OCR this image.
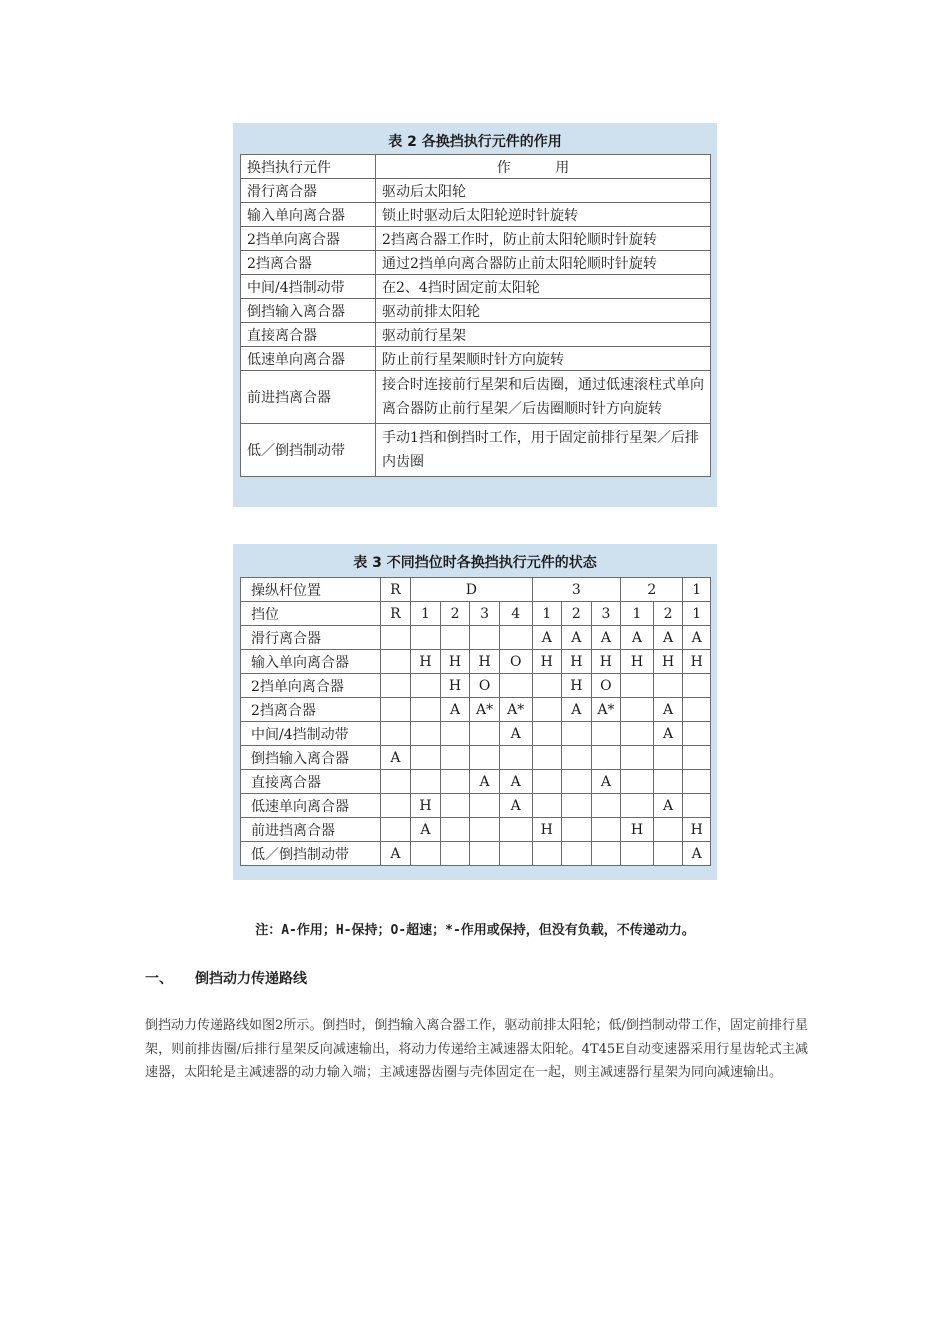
表 2 各换挡执行元件的作用
换挡执行元件	作 用
滑行离合器	驱动后太阳轮
输入单向离合器	锁止时驱动后太阳轮逆时针旋转
2挡单向离合器	2挡离合器工作时，防止前太阳轮顺时针旋转
2挡离合器	通过2挡单向离合器防止前太阳轮顺时针旋转
中间/4挡制动带	在2、4挡时固定前太阳轮
倒挡输入离合器	驱动前排太阳轮
直接离合器	驱动前行星架
低速单向离合器	防止前行星架顺时针方向旋转
前进挡离合器	接合时连接前行星架和后齿圈，通过低速滚柱式单向离合器防止前行星架／后齿圈顺时针方向旋转
低／倒挡制动带	手动1挡和倒挡时工作，用于固定前排行星架／后排内齿圈
表 3 不同挡位时各换挡执行元件的状态
操纵杆位置	R	D				3			2		1
挡位	R	1	2	3	4	1	2	3	1	2	1
滑行离合器						A	A	A	A	A	A
输入单向离合器		H	H	H	O	H	H	H	H	H	H
2挡单向离合器			H	O			H	O			
2挡离合器			A	A*	A*		A	A*		A	
中间/4挡制动带					A					A	
倒挡输入离合器	A										
直接离合器				A	A			A			
低速单向离合器		H			A					A	
前进挡离合器		A				H			H		H
低／倒挡制动带	A										A
注：A-作用；H-保持；O-超速；*-作用或保持，但没有负载，不传递动力。
一、 倒挡动力传递路线
倒挡动力传递路线如图2所示。倒挡时，倒挡输入离合器工作，驱动前排太阳轮；低/倒挡制动带工作，固定前排行星架，则前排齿圈/后排行星架反向减速输出，将动力传递给主减速器太阳轮。4T45E自动变速器采用行星齿轮式主减速器，太阳轮是主减速器的动力输入端；主减速器齿圈与壳体固定在一起，则主减速器行星架为同向减速输出。
